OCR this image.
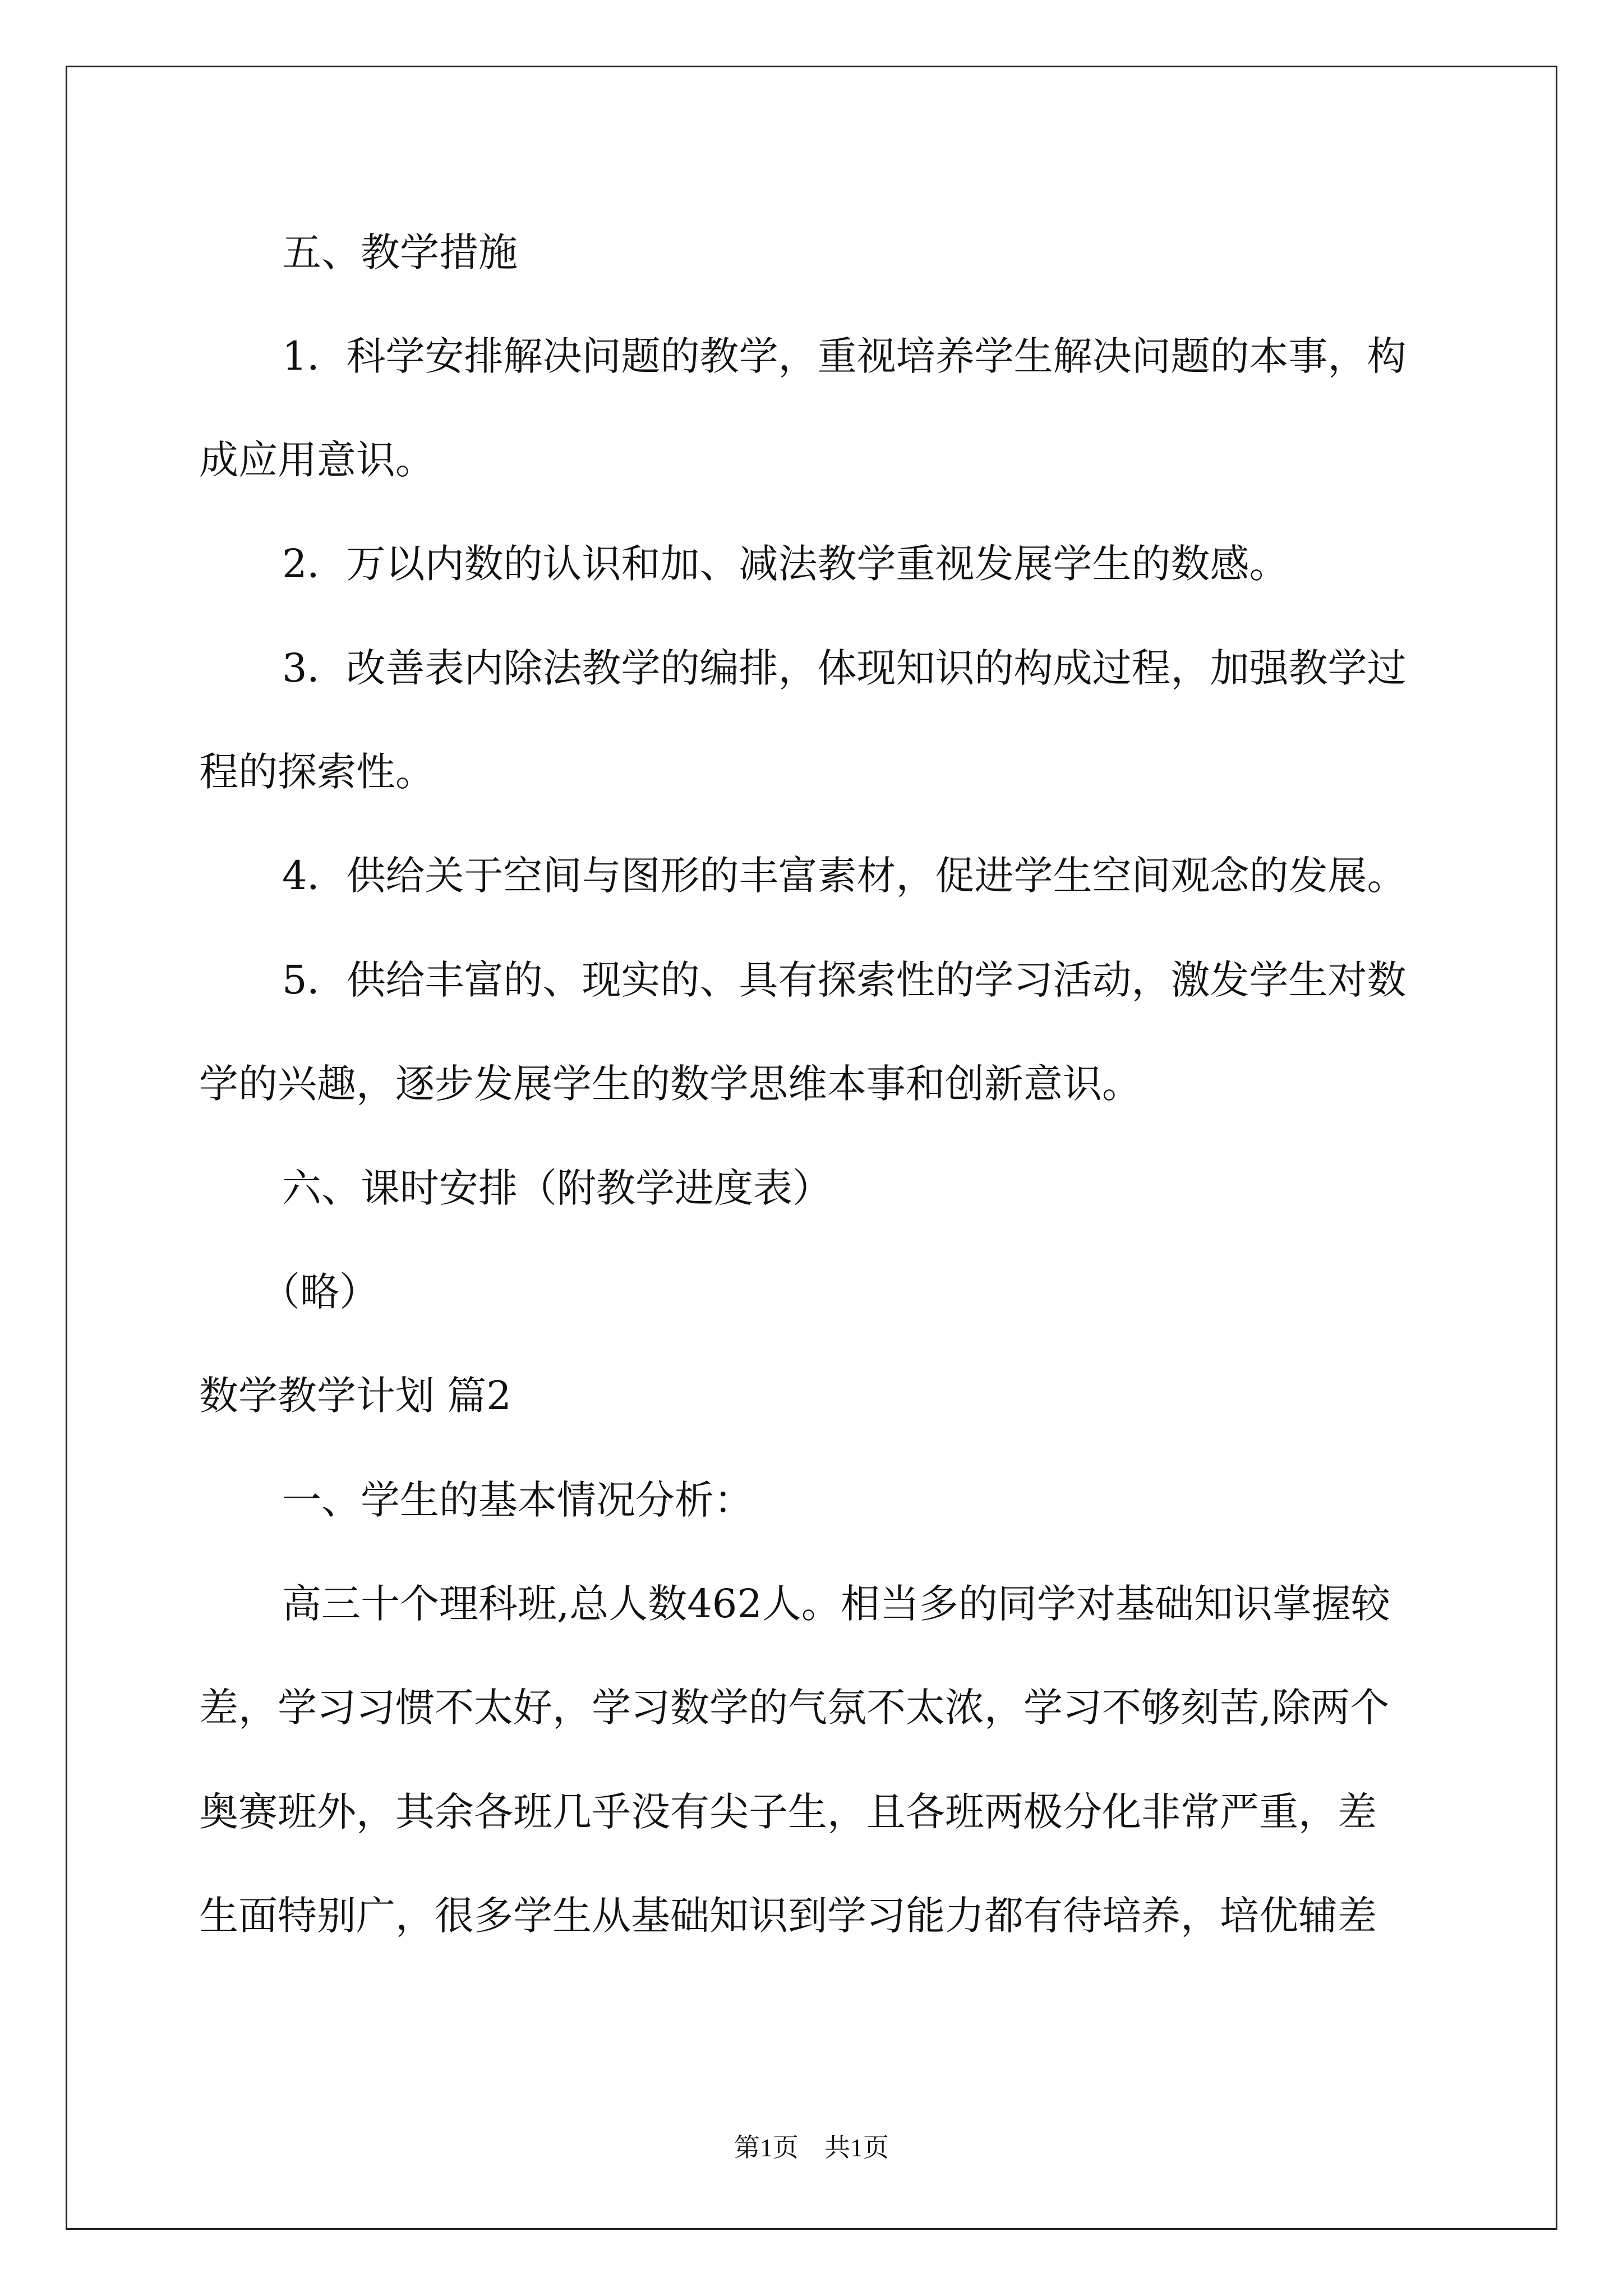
五、教学措施
1．科学安排解决问题的教学，重视培养学生解决问题的本事，构
成应用意识。
2．万以内数的认识和加、减法教学重视发展学生的数感。
3．改善表内除法教学的编排，体现知识的构成过程，加强教学过
程的探索性。
4．供给关于空间与图形的丰富素材，促进学生空间观念的发展。
5．供给丰富的、现实的、具有探索性的学习活动，激发学生对数
学的兴趣，逐步发展学生的数学思维本事和创新意识。
六、课时安排（附教学进度表）
（略）
数学教学计划 篇2
一、学生的基本情况分析：
高三十个理科班,总人数462人。相当多的同学对基础知识掌握较
差，学习习惯不太好，学习数学的气氛不太浓，学习不够刻苦,除两个
奥赛班外，其余各班几乎没有尖子生，且各班两极分化非常严重，差
生面特别广，很多学生从基础知识到学习能力都有待培养，培优辅差
第1页　共1页
